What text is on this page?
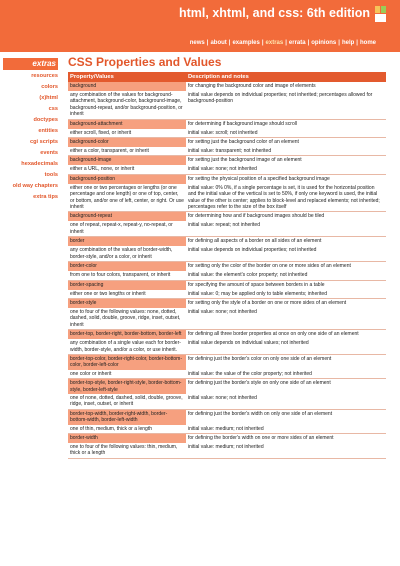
html, xhtml, and css: 6th edition
news | about | examples | extras | errata | opinions | help | home
extras
resources
colors
(x)html
css
doctypes
entities
cgi scripts
events
hexadecimals
tools
old way chapters
extra tips
CSS Properties and Values
Property/Values	Description and notes
background	for changing the background color and image of elements
any combination of the values for background-attachment, background-color, background-image, background-repeat, and/or background-position, or inherit	initial value depends on individual properties; not inherited; percentages allowed for background-position
background-attachment	for determining if background image should scroll
either scroll, fixed, or inherit	initial value: scroll; not inherited
background-color	for setting just the background color of an element
either a color, transparent, or inherit	initial value: transparent; not inherited
background-image	for setting just the background image of an element
either a URL, none, or inherit	initial value: none; not inherited
background-position	for setting the physical position of a specified background image
either one or two percentages or lengths (or one percentage and one length) or one of top, center, or bottom, and/or one of left, center, or right. Or use inherit	initial value: 0% 0%, if a single percentage is set, it is used for the horizontal position and the initial value of the vertical is set to 50%, if only one keyword is used, the initial value of the other is center; applies to block-level and replaced elements; not inherited; percentages refer to the size of the box itself
background-repeat	for determining how and if background images should be tiled
one of repeat, repeat-x, repeat-y, no-repeat, or inherit	initial value: repeat; not inherited
border	for defining all aspects of a border on all sides of an element
any combination of the values of border-width, border-style, and/or a color, or inherit	initial value depends on individual properties; not inherited
border-color	for setting only the color of the border on one or more sides of an element
from one to four colors, transparent, or inherit	initial value: the element's color property; not inherited
border-spacing	for specifying the amount of space between borders in a table
either one or two lengths or inherit	initial value: 0; may be applied only to table elements; inherited
border-style	for setting only the style of a border on one or more sides of an element
one to four of the following values: none, dotted, dashed, solid, double, groove, ridge, inset, outset, inherit	initial value: none; not inherited
border-top, border-right, border-bottom, border-left	for defining all three border properties at once on only one side of an element
any combination of a single value each for border-width, border-style, and/or a color, or use inherit.	initial value depends on individual values; not inherited
border-top-color, border-right-color, border-bottom-color, border-left-color	for defining just the border's color on only one side of an element
one color or inherit	initial value: the value of the color property; not inherited
border-top-style, border-right-style, border-bottom-style, border-left-style	for defining just the border's style on only one side of an element
one of none, dotted, dashed, solid, double, groove, ridge, inset, outset, or inherit	initial value: none; not inherited
border-top-width, border-right-width, border-bottom-width, border-left-width	for defining just the border's width on only one side of an element
one of thin, medium, thick or a length	initial value: medium; not inherited
border-width	for defining the border's width on one or more sides of an element
one to four of the following values: thin, medium, thick or a length	initial value: medium; not inherited
